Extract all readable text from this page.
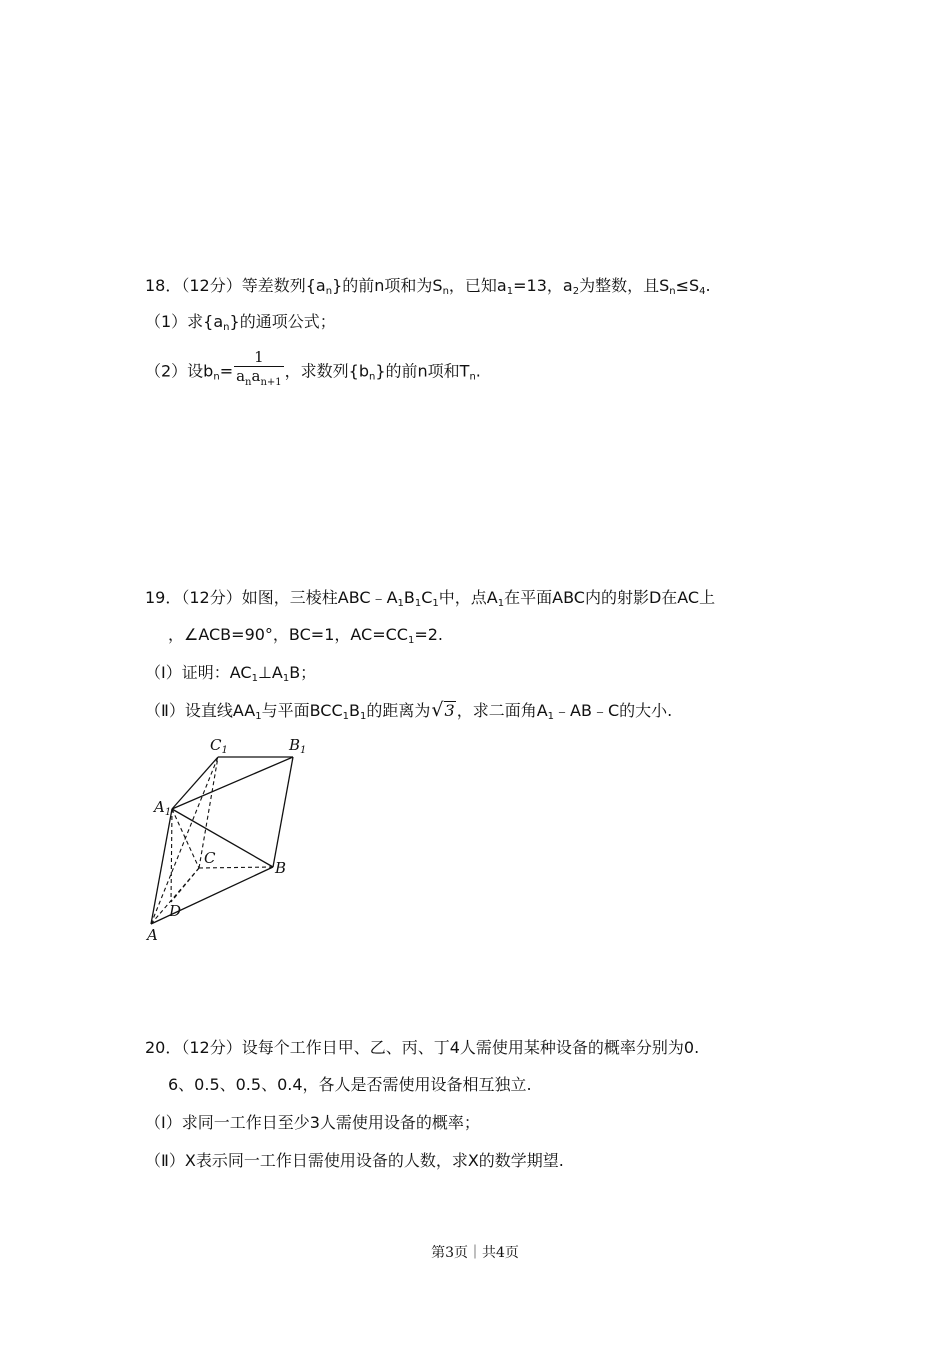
18．（12分）等差数列$\{a_n\}$的前n项和为$S_n$，已知$a_1=13$，$a_2$为整数，且$S_n\le S_4$.
（1）求$\{a_n\}$的通项公式；
（2）设$b_n= \frac{1}{a_na_{n+1}}$ ，求数列$\{b_n\}$的前n项和$T_n$.
19．（12分）如图，三棱柱$ABC﹣A_1B_1C_1$中，点$A_1$在平面ABC内的射影D在AC上
，∠ACB=90°，BC=1，$AC=CC_1=2$.
（Ⅰ）证明：$AC_1\perp A_1B$；
（Ⅱ）设直线$AA_1$与平面$BCC_1B_1$的距离为 √ 3 ，求二面角$A_1﹣AB﹣C$的大小.
$C_1$	$B_1$
$A_1$
C
B
D
A
20．（12分）设每个工作日甲、乙、丙、丁4人需使用某种设备的概率分别为0.
6、0.5、0.5、0.4，各人是否需使用设备相互独立.
（Ⅰ）求同一工作日至少3人需使用设备的概率；
（Ⅱ）X表示同一工作日需使用设备的人数，求X的数学期望.
第3页｜共4页
